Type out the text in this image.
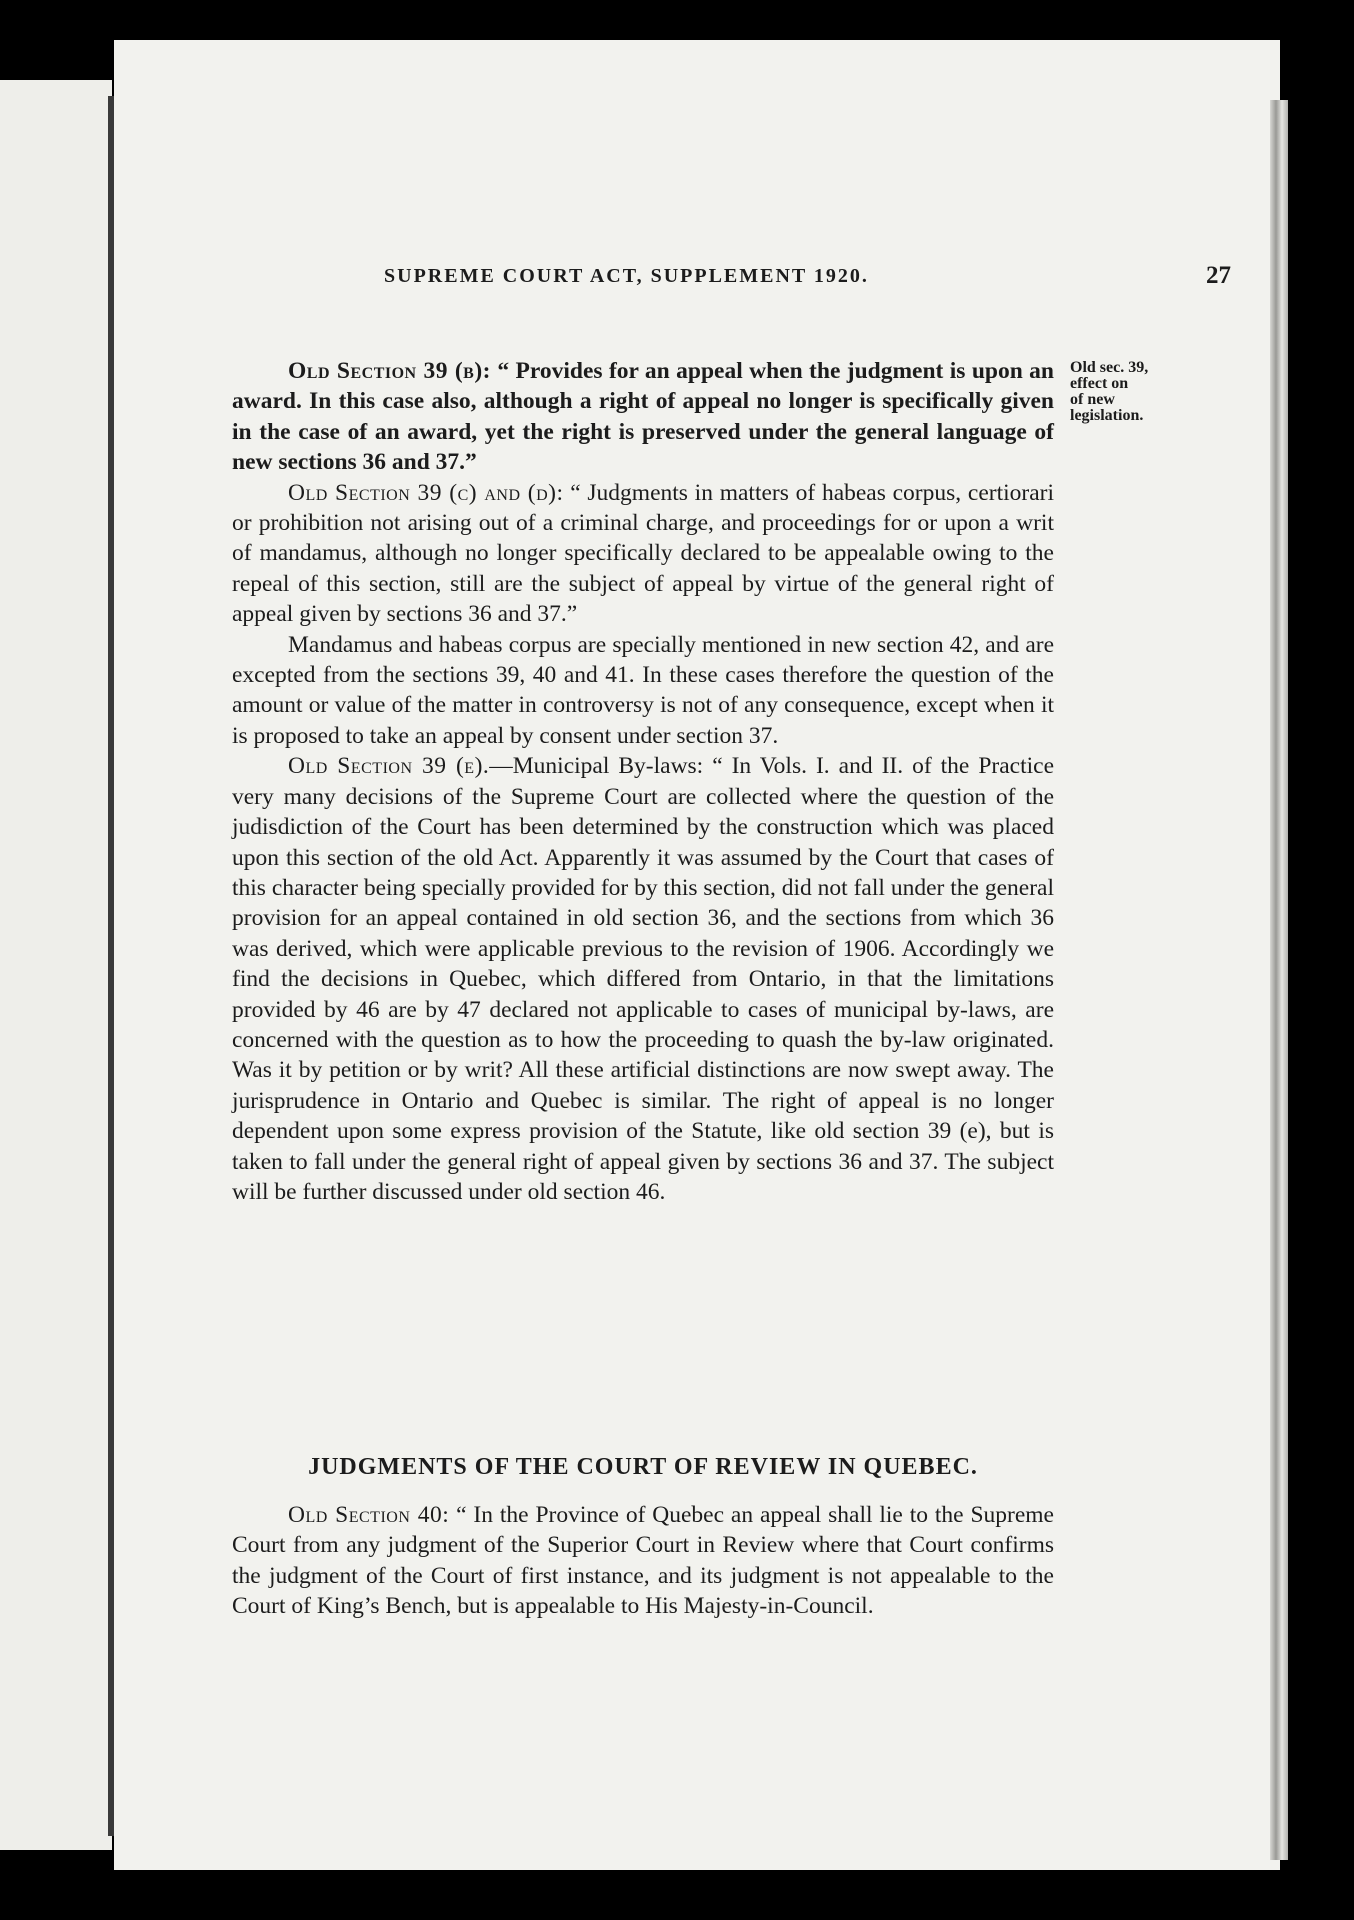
SUPREME COURT ACT, SUPPLEMENT 1920.	27
Old sec. 39,
effect on
of new
legislation.

Old Section 39 (b): “ Provides for an appeal when the judgment is upon an award. In this case also, although a right of appeal no longer is specifically given in the case of an award, yet the right is preserved under the general language of new sections 36 and 37.”

Old Section 39 (c) and (d): “ Judgments in matters of habeas corpus, certiorari or prohibition not arising out of a criminal charge, and proceedings for or upon a writ of mandamus, although no longer specifically declared to be appealable owing to the repeal of this section, still are the subject of appeal by virtue of the general right of appeal given by sections 36 and 37.”

Mandamus and habeas corpus are specially mentioned in new section 42, and are excepted from the sections 39, 40 and 41. In these cases therefore the question of the amount or value of the matter in controversy is not of any consequence, except when it is proposed to take an appeal by consent under section 37.

Old Section 39 (e).—Municipal By-laws: “ In Vols. I. and II. of the Practice very many decisions of the Supreme Court are collected where the question of the judisdiction of the Court has been determined by the construction which was placed upon this section of the old Act. Apparently it was assumed by the Court that cases of this character being specially provided for by this section, did not fall under the general provision for an appeal contained in old section 36, and the sections from which 36 was derived, which were applicable previous to the revision of 1906. Accordingly we find the decisions in Quebec, which differed from Ontario, in that the limitations provided by 46 are by 47 declared not applicable to cases of municipal by-laws, are concerned with the question as to how the proceeding to quash the by-law originated. Was it by petition or by writ? All these artificial distinctions are now swept away. The jurisprudence in Ontario and Quebec is similar. The right of appeal is no longer dependent upon some express provision of the Statute, like old section 39 (e), but is taken to fall under the general right of appeal given by sections 36 and 37. The subject will be further discussed under old section 46.

JUDGMENTS OF THE COURT OF REVIEW IN QUEBEC.

Old Section 40: “ In the Province of Quebec an appeal shall lie to the Supreme Court from any judgment of the Superior Court in Review where that Court confirms the judgment of the Court of first instance, and its judgment is not appealable to the Court of King’s Bench, but is appealable to His Majesty-in-Council.
